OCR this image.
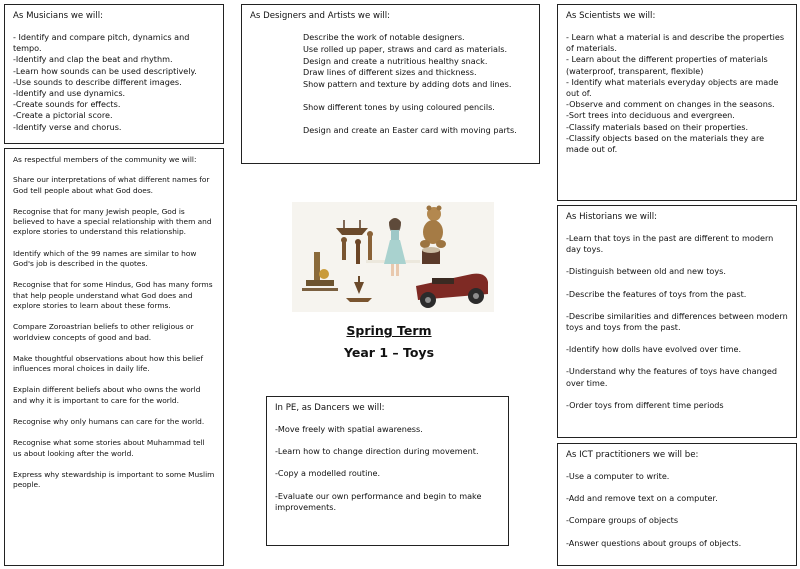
As Musicians we will:

- Identify and compare pitch, dynamics and tempo.

-Identify and clap the beat and rhythm.

-Learn how sounds can be used descriptively.

-Use sounds to describe different images.

-Identify and use dynamics.

-Create sounds for effects.

-Create a pictorial score.

-Identify verse and chorus.

As Designers and Artists we will:

Describe the work of notable designers.

Use rolled up paper, straws and card as materials.

Design and create a nutritious healthy snack.

Draw lines of different sizes and thickness.

Show pattern and texture by adding dots and lines.

Show different tones by using coloured pencils.

Design and create an Easter card with moving parts.

As Scientists we will:

- Learn what a material is and describe the properties of materials.

- Learn about the different properties of materials (waterproof, transparent, flexible)

- Identify what materials everyday objects are made out of.

-Observe and comment on changes in the seasons.

-Sort trees into deciduous and evergreen.

-Classify materials based on their properties.

-Classify objects based on the materials they are made out of.

As respectful members of the community we will:

Share our interpretations of what different names for God tell people about what God does.

Recognise that for many Jewish people, God is believed to have a special relationship with them and explore stories to understand this relationship.

Identify which of the 99 names are similar to how God's job is described in the quotes.

Recognise that for some Hindus, God has many forms that help people understand what God does and explore stories to learn about these forms.

Compare Zoroastrian beliefs to other religious or worldview concepts of good and bad.

Make thoughtful observations about how this belief influences moral choices in daily life.

Explain different beliefs about who owns the world and why it is important to care for the world.

Recognise why only humans can care for the world.

Recognise what some stories about Muhammad tell us about looking after the world.

Express why stewardship is important to some Muslim people.

As Historians we will:

-Learn that toys in the past are different to modern day toys.

-Distinguish between old and new toys.

-Describe the features of toys from the past.

-Describe similarities and differences between modern toys and toys from the past.

-Identify how dolls have evolved over time.

-Understand why the features of toys have changed over time.

-Order toys from different time periods

Spring Term

Year 1 – Toys

In PE, as Dancers we will:

-Move freely with spatial awareness.

-Learn how to change direction during movement.

-Copy a modelled routine.

-Evaluate our own performance and begin to make improvements.

As ICT practitioners we will be:

-Use a computer to write.

-Add and remove text on a computer.

-Compare groups of objects

-Answer questions about groups of objects.
